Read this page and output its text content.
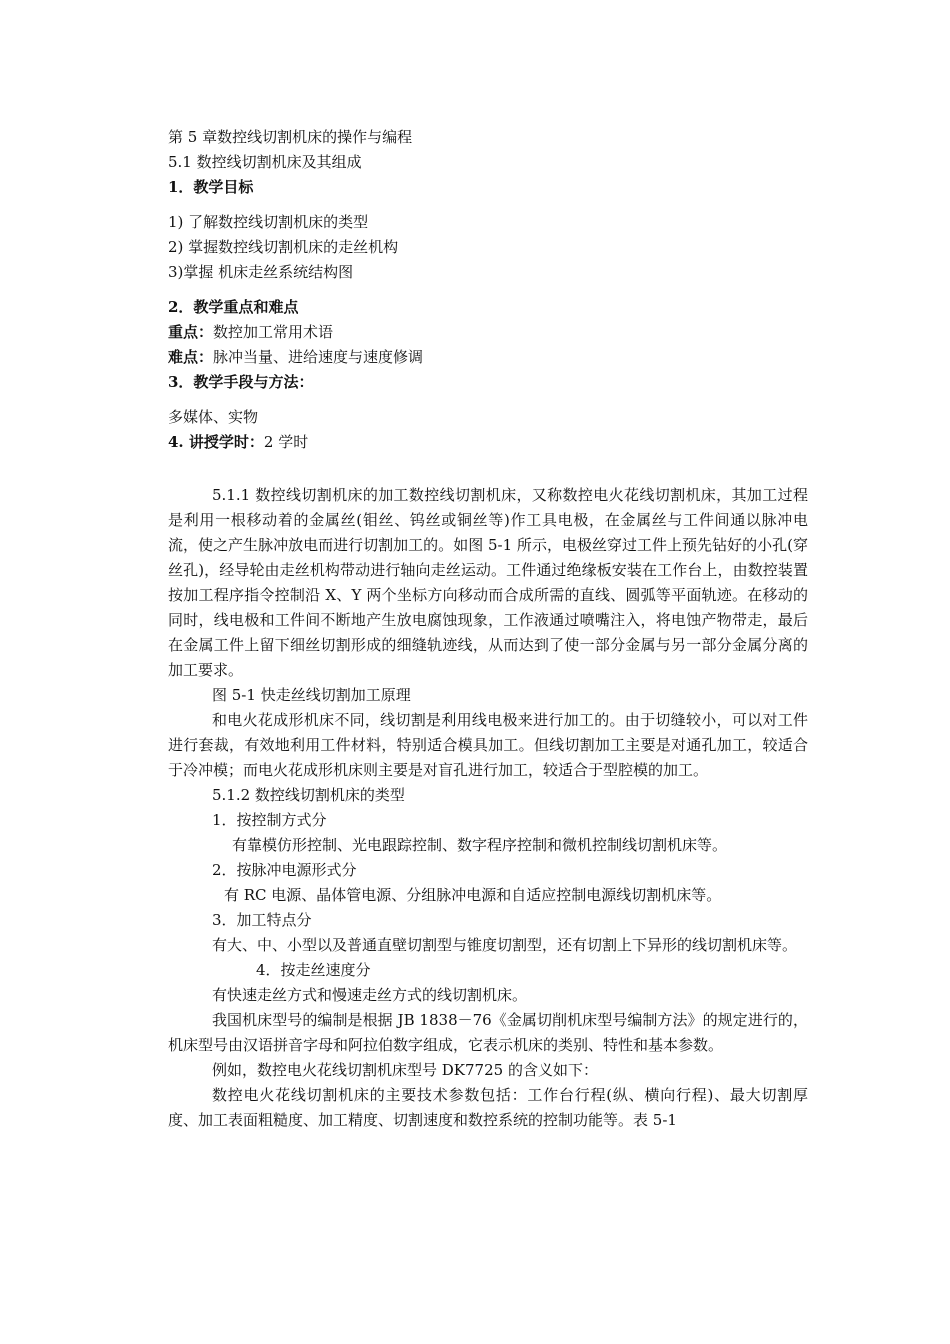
第 5 章数控线切割机床的操作与编程
5.1 数控线切割机床及其组成
1．教学目标
1) 了解数控线切割机床的类型
2) 掌握数控线切割机床的走丝机构
3)掌握 机床走丝系统结构图
2．教学重点和难点
重点：数控加工常用术语
难点：脉冲当量、进给速度与速度修调
3．教学手段与方法：
多媒体、实物
4. 讲授学时：2 学时
5.1.1 数控线切割机床的加工数控线切割机床，又称数控电火花线切割机床，其加工过程是利用一根移动着的金属丝(钼丝、钨丝或铜丝等)作工具电极，在金属丝与工件间通以脉冲电流，使之产生脉冲放电而进行切割加工的。如图 5-1 所示，电极丝穿过工件上预先钻好的小孔(穿丝孔)，经导轮由走丝机构带动进行轴向走丝运动。工件通过绝缘板安装在工作台上，由数控装置按加工程序指令控制沿 X、Y 两个坐标方向移动而合成所需的直线、圆弧等平面轨迹。在移动的同时，线电极和工件间不断地产生放电腐蚀现象，工作液通过喷嘴注入，将电蚀产物带走，最后在金属工件上留下细丝切割形成的细缝轨迹线，从而达到了使一部分金属与另一部分金属分离的加工要求。
图 5-1 快走丝线切割加工原理
和电火花成形机床不同，线切割是利用线电极来进行加工的。由于切缝较小，可以对工件进行套裁，有效地利用工件材料，特别适合模具加工。但线切割加工主要是对通孔加工，较适合于冷冲模；而电火花成形机床则主要是对盲孔进行加工，较适合于型腔模的加工。
5.1.2 数控线切割机床的类型
1．按控制方式分
有靠模仿形控制、光电跟踪控制、数字程序控制和微机控制线切割机床等。
2．按脉冲电源形式分
有 RC 电源、晶体管电源、分组脉冲电源和自适应控制电源线切割机床等。
3．加工特点分
有大、中、小型以及普通直壁切割型与锥度切割型，还有切割上下异形的线切割机床等。
4．按走丝速度分
有快速走丝方式和慢速走丝方式的线切割机床。
我国机床型号的编制是根据 JB 1838－76《金属切削机床型号编制方法》的规定进行的，机床型号由汉语拼音字母和阿拉伯数字组成，它表示机床的类别、特性和基本参数。
例如，数控电火花线切割机床型号 DK7725 的含义如下：
数控电火花线切割机床的主要技术参数包括：工作台行程(纵、横向行程)、最大切割厚度、加工表面粗糙度、加工精度、切割速度和数控系统的控制功能等。表 5-1
